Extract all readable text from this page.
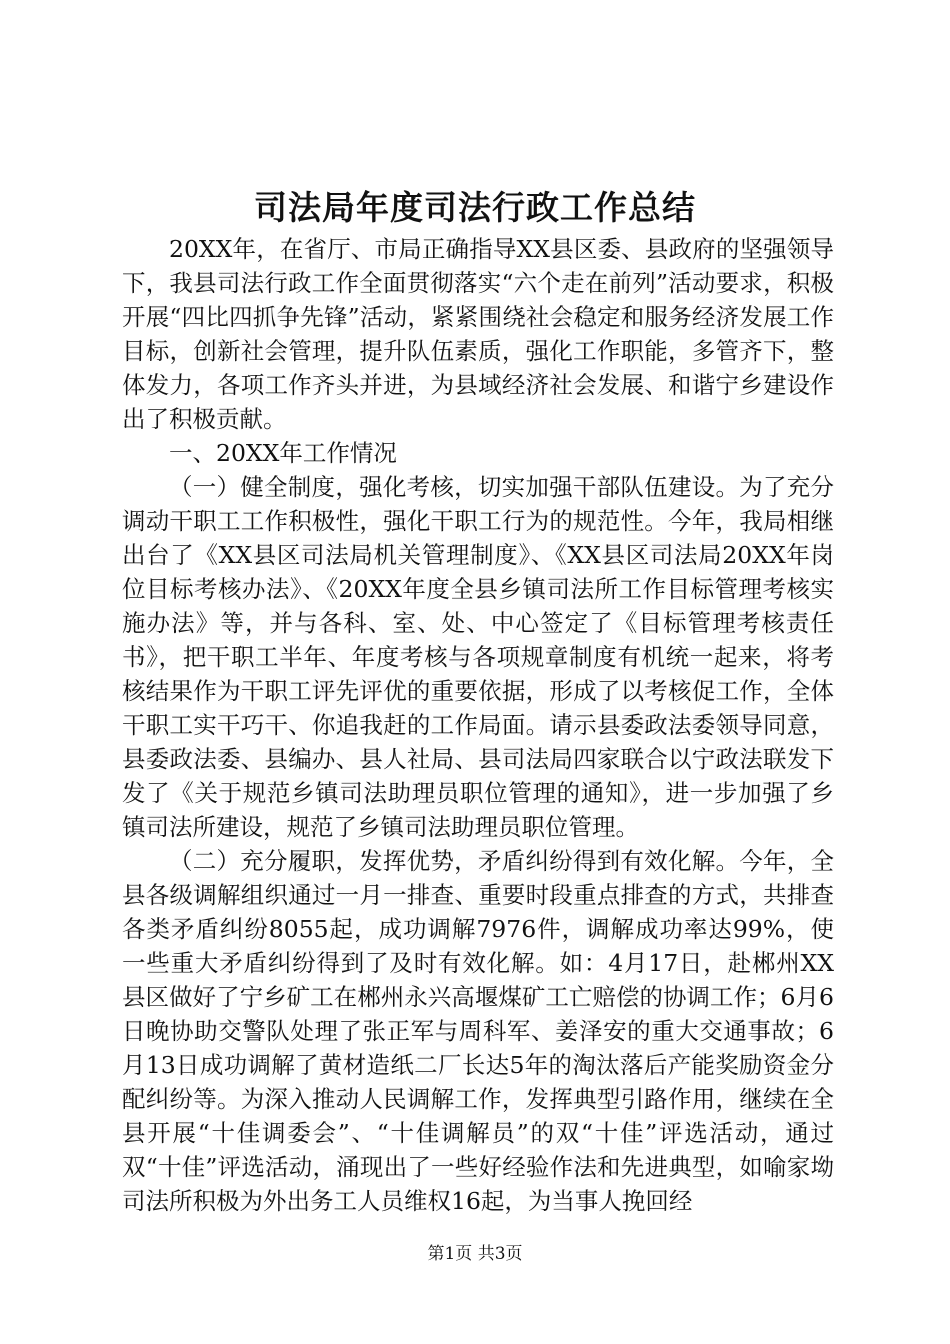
司法局年度司法行政工作总结

20XX年，在省厅、市局正确指导XX县区委、县政府的坚强领导下，我县司法行政工作全面贯彻落实“六个走在前列”活动要求，积极开展“四比四抓争先锋”活动，紧紧围绕社会稳定和服务经济发展工作目标，创新社会管理，提升队伍素质，强化工作职能，多管齐下，整体发力，各项工作齐头并进，为县域经济社会发展、和谐宁乡建设作出了积极贡献。

一、20XX年工作情况

（一）健全制度，强化考核，切实加强干部队伍建设。为了充分调动干职工工作积极性，强化干职工行为的规范性。今年，我局相继出台了《XX县区司法局机关管理制度》、《XX县区司法局20XX年岗位目标考核办法》、《20XX年度全县乡镇司法所工作目标管理考核实施办法》等，并与各科、室、处、中心签定了《目标管理考核责任书》，把干职工半年、年度考核与各项规章制度有机统一起来，将考核结果作为干职工评先评优的重要依据，形成了以考核促工作，全体干职工实干巧干、你追我赶的工作局面。请示县委政法委领导同意，县委政法委、县编办、县人社局、县司法局四家联合以宁政法联发下发了《关于规范乡镇司法助理员职位管理的通知》，进一步加强了乡镇司法所建设，规范了乡镇司法助理员职位管理。

（二）充分履职，发挥优势，矛盾纠纷得到有效化解。今年，全县各级调解组织通过一月一排查、重要时段重点排查的方式，共排查各类矛盾纠纷8055起，成功调解7976件，调解成功率达99%，使一些重大矛盾纠纷得到了及时有效化解。如：4月17日，赴郴州XX县区做好了宁乡矿工在郴州永兴高堰煤矿工亡赔偿的协调工作；6月6日晚协助交警队处理了张正军与周科军、姜泽安的重大交通事故；6月13日成功调解了黄材造纸二厂长达5年的淘汰落后产能奖励资金分配纠纷等。为深入推动人民调解工作，发挥典型引路作用，继续在全县开展“十佳调委会”、“十佳调解员”的双“十佳”评选活动，通过双“十佳”评选活动，涌现出了一些好经验作法和先进典型，如喻家坳司法所积极为外出务工人员维权16起，为当事人挽回经

第1页 共3页
